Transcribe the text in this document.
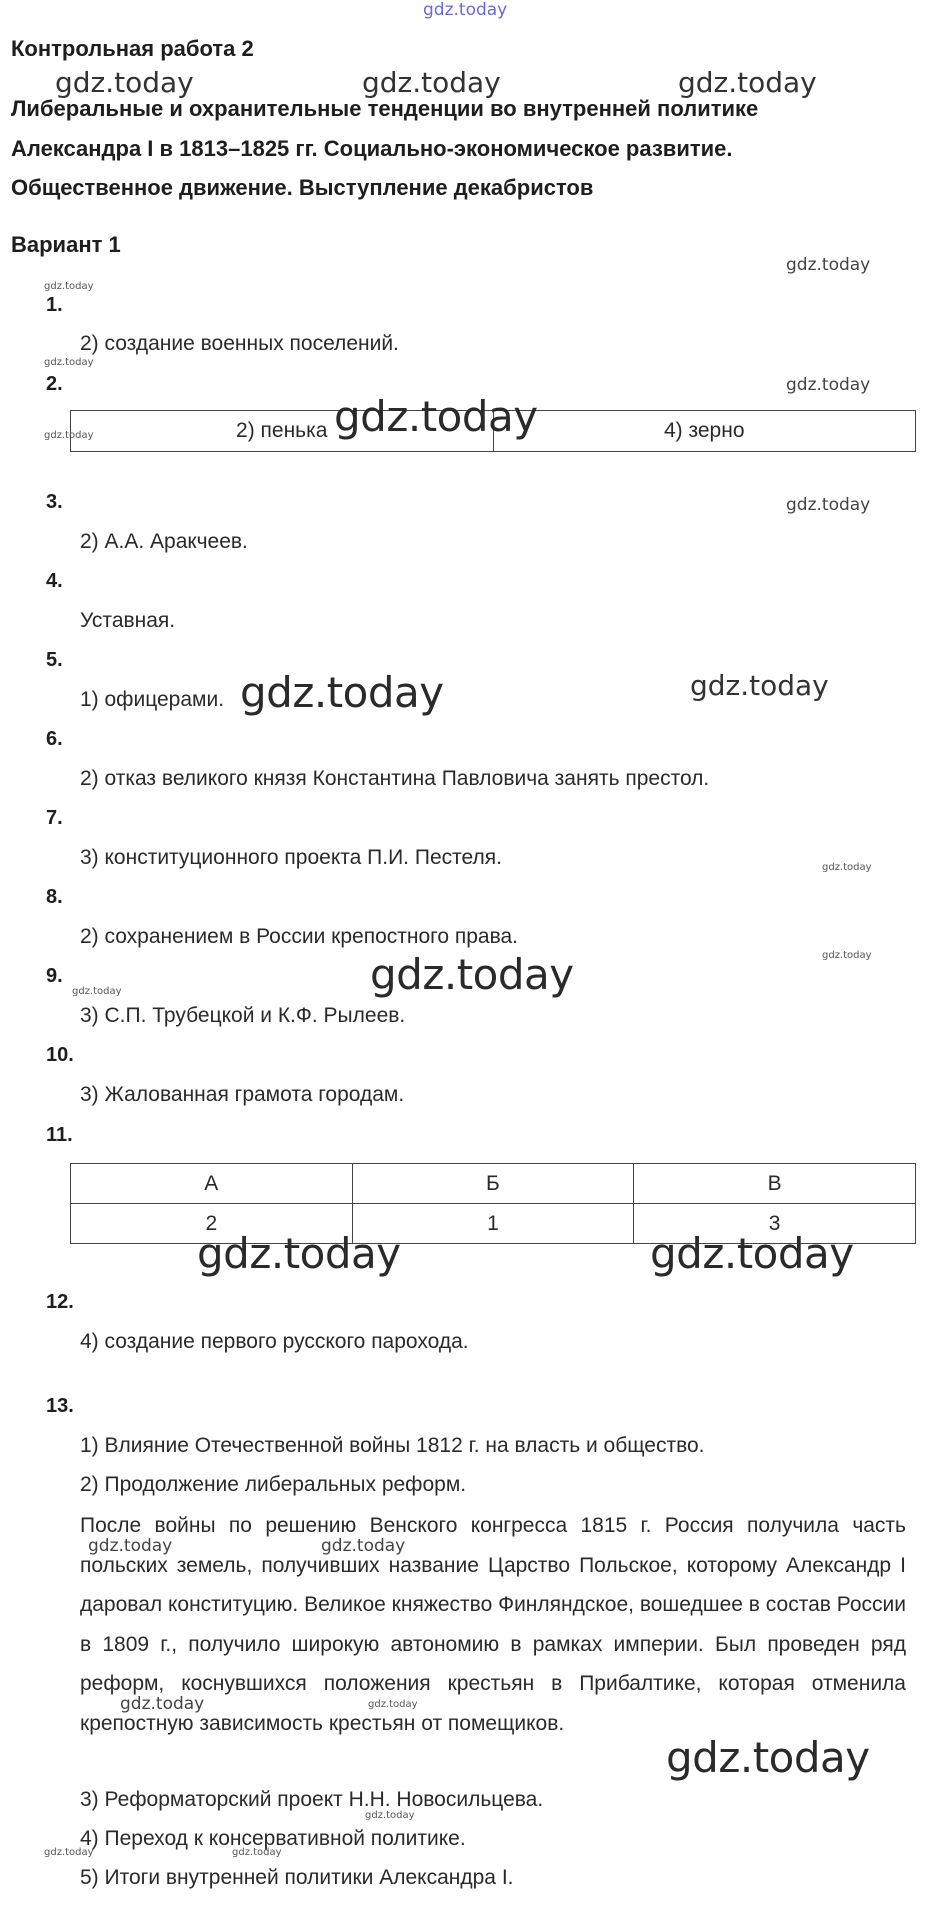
gdz.today
Контрольная работа 2
gdz.today	gdz.today	gdz.today
Либеральные и охранительные тенденции во внутренней политике
Александра I в 1813–1825 гг. Социально-экономическое развитие.
Общественное движение. Выступление декабристов
Вариант 1
gdz.today
gdz.today
1.
2) создание военных поселений.
gdz.today
2.	gdz.today
2) пенька	4) зерно
gdz.today	gdz.today
3.	gdz.today
2) А.А. Аракчеев.
4.
Уставная.
5.
1) офицерами. gdz.today	gdz.today
6.
2) отказ великого князя Константина Павловича занять престол.
7.
3) конституционного проекта П.И. Пестеля.	gdz.today
8.
2) сохранением в России крепостного права.
gdz.today
gdz.today
9.
gdz.today
3) С.П. Трубецкой и К.Ф. Рылеев.
10.
3) Жалованная грамота городам.
11.
А	Б	В
2	1	3
gdz.today	gdz.today
12.
4) создание первого русского парохода.
13.
1) Влияние Отечественной войны 1812 г. на власть и общество.
2) Продолжение либеральных реформ.
После войны по решению Венского конгресса 1815 г. Россия получила часть польских земель, получивших название Царство Польское, которому Александр I даровал конституцию. Великое княжество Финляндское, вошедшее в состав России в 1809 г., получило широкую автономию в рамках империи. Был проведен ряд реформ, коснувшихся положения крестьян в Прибалтике, которая отменила крепостную зависимость крестьян от помещиков.
gdz.today	gdz.today
gdz.today	gdz.today
gdz.today
3) Реформаторский проект Н.Н. Новосильцева.
gdz.today
4) Переход к консервативной политике.
gdz.today	gdz.today
5) Итоги внутренней политики Александра I.
